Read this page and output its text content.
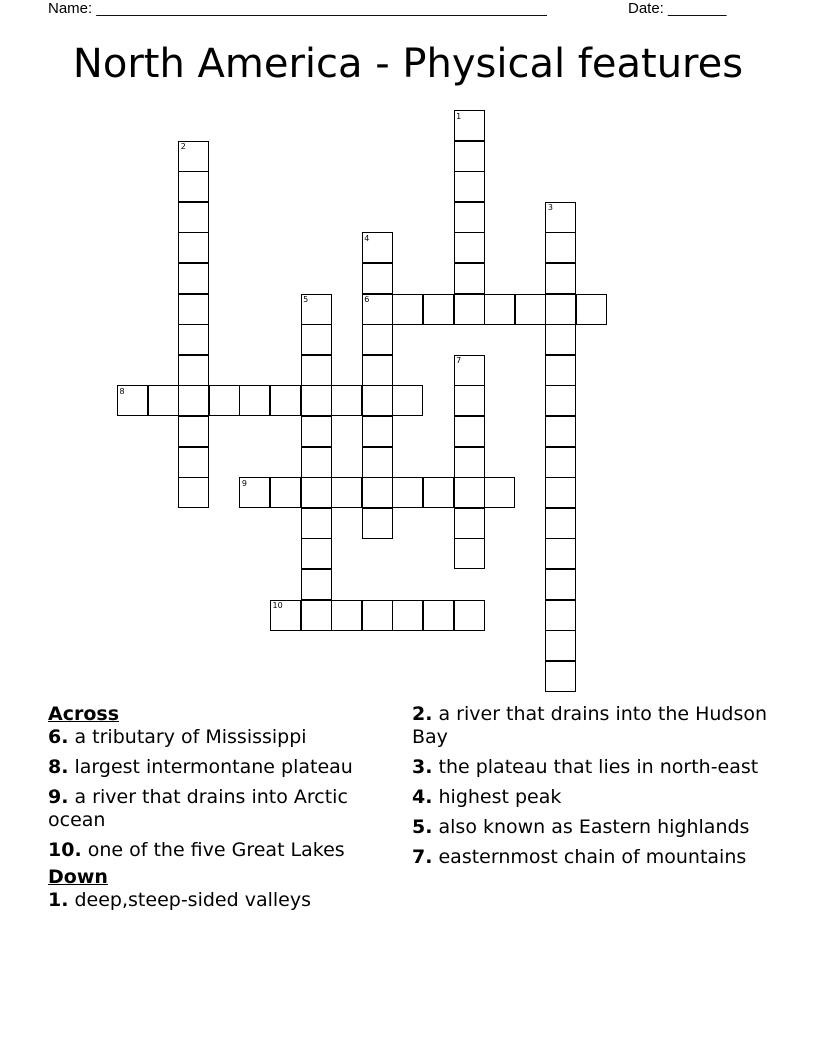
Name: ______________________________________________________	Date: _______
North America - Physical features
1
2
3
4
5	6
7
8
9
10
Across
6. a tributary of Mississippi
8. largest intermontane plateau
9. a river that drains into Arctic ocean
10. one of the five Great Lakes
Down
1. deep,steep-sided valleys
2. a river that drains into the Hudson Bay
3. the plateau that lies in north-east
4. highest peak
5. also known as Eastern highlands
7. easternmost chain of mountains
